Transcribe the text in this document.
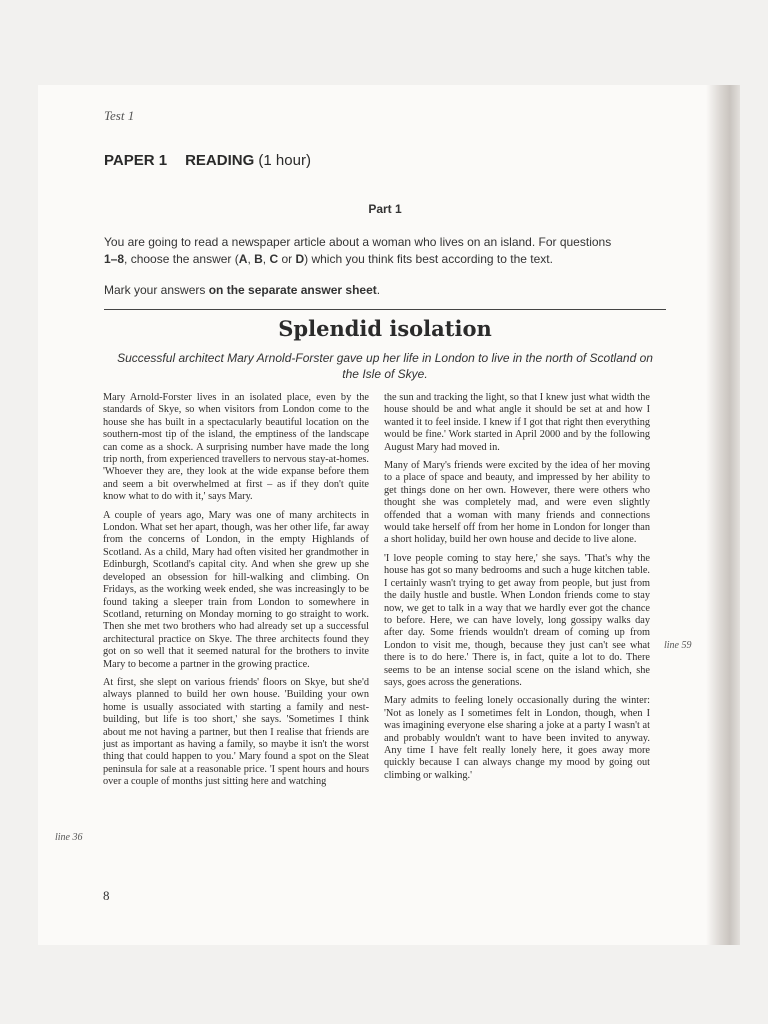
Test 1
PAPER 1 READING (1 hour)
Part 1

You are going to read a newspaper article about a woman who lives on an island. For questions

1–8, choose the answer (A, B, C or D) which you think fits best according to the text.

Mark your answers on the separate answer sheet.

Splendid isolation
Successful architect Mary Arnold-Forster gave up her life in London to live in the north of Scotland on the Isle of Skye.

Mary Arnold-Forster lives in an isolated place, even by the standards of Skye, so when visitors from London come to the house she has built in a spectacularly beautiful location on the southern-most tip of the island, the emptiness of the landscape can come as a shock. A surprising number have made the long trip north, from experienced travellers to nervous stay-at-homes. 'Whoever they are, they look at the wide expanse before them and seem a bit overwhelmed at first – as if they don't quite know what to do with it,' says Mary.

A couple of years ago, Mary was one of many architects in London. What set her apart, though, was her other life, far away from the concerns of London, in the empty Highlands of Scotland. As a child, Mary had often visited her grandmother in Edinburgh, Scotland's capital city. And when she grew up she developed an obsession for hill-walking and climbing. On Fridays, as the working week ended, she was increasingly to be found taking a sleeper train from London to somewhere in Scotland, returning on Monday morning to go straight to work. Then she met two brothers who had already set up a successful architectural practice on Skye. The three architects found they got on so well that it seemed natural for the brothers to invite Mary to become a partner in the growing practice.

At first, she slept on various friends' floors on Skye, but she'd always planned to build her own house. 'Building your own home is usually associated with starting a family and nest-building, but life is too short,' she says. 'Sometimes I think about me not having a partner, but then I realise that friends are just as important as having a family, so maybe it isn't the worst thing that could happen to you.' Mary found a spot on the Sleat peninsula for sale at a reasonable price. 'I spent hours and hours over a couple of months just sitting here and watching

the sun and tracking the light, so that I knew just what width the house should be and what angle it should be set at and how I wanted it to feel inside. I knew if I got that right then everything would be fine.' Work started in April 2000 and by the following August Mary had moved in.

Many of Mary's friends were excited by the idea of her moving to a place of space and beauty, and impressed by her ability to get things done on her own. However, there were others who thought she was completely mad, and were even slightly offended that a woman with many friends and connections would take herself off from her home in London for longer than a short holiday, build her own house and decide to live alone.

'I love people coming to stay here,' she says. 'That's why the house has got so many bedrooms and such a huge kitchen table. I certainly wasn't trying to get away from people, but just from the daily hustle and bustle. When London friends come to stay now, we get to talk in a way that we hardly ever got the chance to before. Here, we can have lovely, long gossipy walks day after day. Some friends wouldn't dream of coming up from London to visit me, though, because they just can't see what there is to do here.' There is, in fact, quite a lot to do. There seems to be an intense social scene on the island which, she says, goes across the generations.

Mary admits to feeling lonely occasionally during the winter: 'Not as lonely as I sometimes felt in London, though, when I was imagining everyone else sharing a joke at a party I wasn't at and probably wouldn't want to have been invited to anyway. Any time I have felt really lonely here, it goes away more quickly because I can always change my mood by going out climbing or walking.'

line 36
line 59
8
